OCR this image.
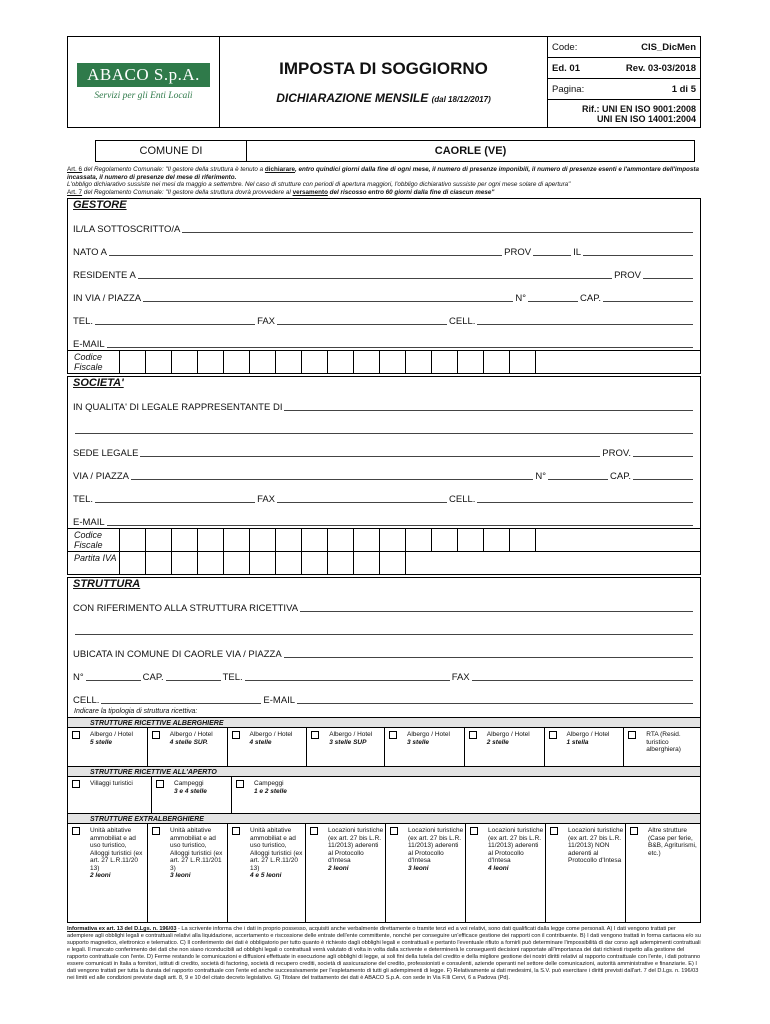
ABACO S.p.A.
Servizi per gli Enti Locali
IMPOSTA DI SOGGIORNO
DICHIARAZIONE MENSILE (dal 18/12/2017)
Code:	CIS_DicMen
Ed. 01	Rev. 03-03/2018
Pagina:	1 di 5
Rif.: UNI EN ISO 9001:2008
UNI EN ISO 14001:2004
COMUNE DI	CAORLE (VE)
Art. 6 del Regolamento Comunale: "Il gestore della struttura è tenuto a dichiarare, entro quindici giorni dalla fine di ogni mese, il numero di presenze imponibili, il numero di presenze esenti e l'ammontare dell'imposta incassata, il numero di presenze del mese di riferimento.
L'obbligo dichiarativo sussiste nei mesi da maggio a settembre. Nel caso di strutture con periodi di apertura maggiori, l'obbligo dichiarativo sussiste per ogni mese solare di apertura"
Art. 7 del Regolamento Comunale: "Il gestore della struttura dovrà provvedere al versamento del riscosso entro 60 giorni dalla fine di ciascun mese"
GESTORE
IL/LA SOTTOSCRITTO/A
NATO A	PROV	IL
RESIDENTE A	PROV
IN VIA / PIAZZA	N°	CAP.
TEL.	FAX	CELL.
E-MAIL
Codice Fiscale
SOCIETA'
IN QUALITA' DI LEGALE RAPPRESENTANTE DI
SEDE LEGALE	PROV.
VIA / PIAZZA	N°	CAP.
TEL.	FAX	CELL.
E-MAIL
Codice Fiscale
Partita IVA
STRUTTURA
CON RIFERIMENTO ALLA STRUTTURA RICETTIVA
UBICATA IN COMUNE DI CAORLE VIA / PIAZZA
N°	CAP.	TEL.	FAX
CELL.	E-MAIL
Indicare la tipologia di struttura ricettiva:
STRUTTURE RICETTIVE ALBERGHIERE
Albergo / Hotel
5 stelle
Albergo / Hotel
4 stelle SUP.
Albergo / Hotel
4 stelle
Albergo / Hotel
3 stelle SUP
Albergo / Hotel
3 stelle
Albergo / Hotel
2 stelle
Albergo / Hotel
1 stella
RTA (Resid. turistico alberghiera)
STRUTTURE RICETTIVE ALL'APERTO
Villaggi turistici	Campeggi
3 e 4 stelle
Campeggi
1 e 2 stelle
STRUTTURE EXTRALBERGHIERE
Unità abitative ammobiliat e ad uso turistico, Alloggi turistici (ex art. 27 L.R.11/20 13)
2 leoni
Unità abitative ammobiliat e ad uso turistico, Alloggi turistici (ex art. 27 L.R.11/201 3)
3 leoni
Unità abitative ammobiliat e ad uso turistico, Alloggi turistici (ex art. 27 L.R.11/20 13)
4 e 5 leoni
Locazioni turistiche (ex art. 27 bis L.R. 11/2013) aderenti al Protocollo d'Intesa
2 leoni
Locazioni turistiche (ex art. 27 bis L.R. 11/2013) aderenti al Protocollo d'Intesa
3 leoni
Locazioni turistiche (ex art. 27 bis L.R. 11/2013) aderenti al Protocollo d'Intesa
4 leoni
Locazioni turistiche (ex art. 27 bis L.R. 11/2013) NON aderenti al Protocollo d'Intesa
Altre strutture (Case per ferie, B&B, Agriturismi, etc.)
Informativa ex art. 13 del D.Lgs. n. 196/03 - La scrivente informa che i dati in proprio possesso, acquisiti anche verbalmente direttamente o tramite terzi ed a voi relativi, sono dati qualificati dalla legge come personali. A) I dati vengono trattati per adempiere agli obblighi legali e contrattuali relativi alla liquidazione, accertamento e riscossione delle entrate dell'ente committente, nonché per conseguire un'efficace gestione dei rapporti con il contribuente. B) I dati vengono trattati in forma cartacea e/o su supporto magnetico, elettronico e telematico. C) Il conferimento dei dati è obbligatorio per tutto quanto è richiesto dagli obblighi legali e contrattuali e pertanto l'eventuale rifiuto a fornirli può determinare l'impossibilità di dar corso agli adempimenti contrattuali e legali. Il mancato conferimento dei dati che non siano riconducibili ad obblighi legali o contrattuali verrà valutato di volta in volta dalla scrivente e determinerà le conseguenti decisioni rapportate all'importanza dei dati richiesti rispetto alla gestione del rapporto contrattuale con l'ente. D) Ferme restando le comunicazioni e diffusioni effettuate in esecuzione agli obblighi di legge, ai soli fini della tutela del credito e della migliore gestione dei nostri diritti relativi al rapporto contrattuale con l'ente, i dati potranno essere comunicati in Italia a fornitori, istituti di credito, società di factoring, società di recupero crediti, società di assicurazione del credito, professionisti e consulenti, aziende operanti nel settore delle comunicazioni, autorità amministrative e finanziarie. E) I dati vengono trattati per tutta la durata del rapporto contrattuale con l'ente ed anche successivamente per l'espletamento di tutti gli adempimenti di legge. F) Relativamente ai dati medesimi, la S.V. può esercitare i diritti previsti dall'art. 7 del D.Lgs. n. 196/03 nei limiti ed alle condizioni previste dagli artt. 8, 9 e 10 del citato decreto legislativo. G) Titolare del trattamento dei dati è ABACO S.p.A. con sede in Via F.lli Cervi, 6 a Padova (Pd).
